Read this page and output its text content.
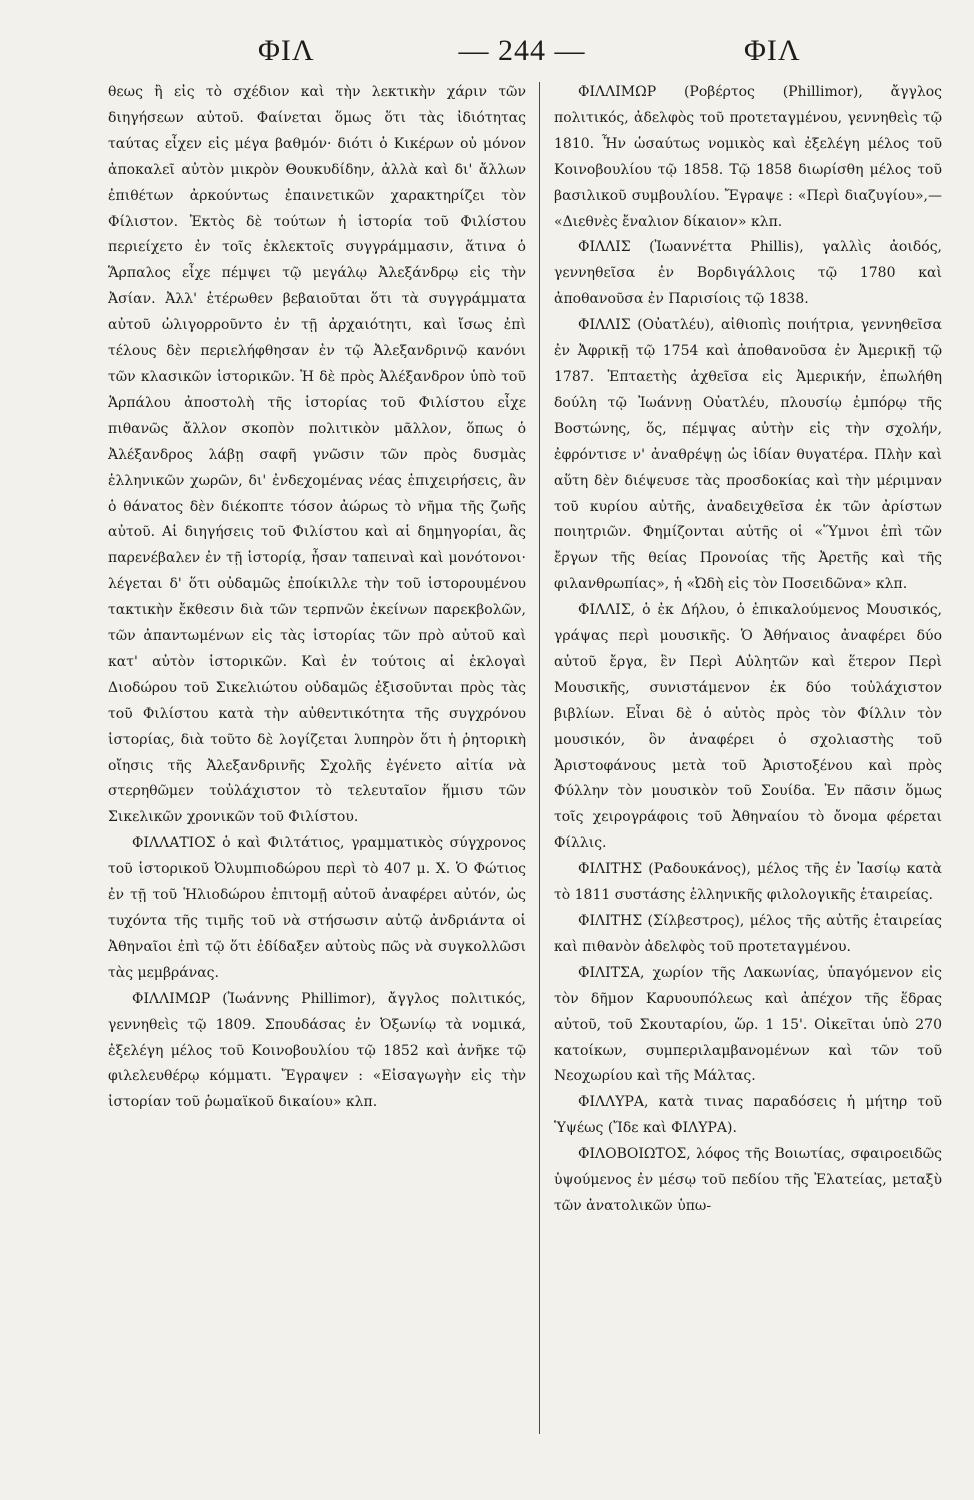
ΦΙΛ	— 244 —	ΦΙΛ

θεως ἢ εἰς τὸ σχέδιον καὶ τὴν λεκτικὴν χάριν τῶν διηγήσεων αὐτοῦ. Φαίνεται ὅμως ὅτι τὰς ἰδιότητας ταύτας εἶχεν εἰς μέγα βαθμόν· διότι ὁ Κικέρων οὐ μόνον ἀποκαλεῖ αὐτὸν μικρὸν Θουκυδίδην, ἀλλὰ καὶ δι' ἄλλων ἐπιθέτων ἀρκούντως ἐπαινετικῶν χαρακτηρίζει τὸν Φίλιστον. Ἐκτὸς δὲ τούτων ἡ ἱστορία τοῦ Φιλίστου περιείχετο ἐν τοῖς ἐκλεκτοῖς συγγράμμασιν, ἅτινα ὁ Ἅρπαλος εἶχε πέμψει τῷ μεγάλῳ Ἀλεξάνδρῳ εἰς τὴν Ἀσίαν. Ἀλλ' ἑτέρωθεν βεβαιοῦται ὅτι τὰ συγγράμματα αὐτοῦ ὠλιγορροῦντο ἐν τῇ ἀρχαιότητι, καὶ ἴσως ἐπὶ τέλους δὲν περιελήφθησαν ἐν τῷ Ἀλεξανδρινῷ κανόνι τῶν κλασικῶν ἱστορικῶν. Ἡ δὲ πρὸς Ἀλέξανδρον ὑπὸ τοῦ Ἁρπάλου ἀποστολὴ τῆς ἱστορίας τοῦ Φιλίστου εἶχε πιθανῶς ἄλλον σκοπὸν πολιτικὸν μᾶλλον, ὅπως ὁ Ἀλέξανδρος λάβῃ σαφῆ γνῶσιν τῶν πρὸς δυσμὰς ἑλληνικῶν χωρῶν, δι' ἐνδεχομένας νέας ἐπιχειρήσεις, ἂν ὁ θάνατος δὲν διέκοπτε τόσον ἀώρως τὸ νῆμα τῆς ζωῆς αὐτοῦ. Αἱ διηγήσεις τοῦ Φιλίστου καὶ αἱ δημηγορίαι, ἃς παρενέβαλεν ἐν τῇ ἱστορίᾳ, ἦσαν ταπειναὶ καὶ μονότονοι· λέγεται δ' ὅτι οὐδαμῶς ἐποίκιλλε τὴν τοῦ ἱστορουμένου τακτικὴν ἔκθεσιν διὰ τῶν τερπνῶν ἐκείνων παρεκβολῶν, τῶν ἀπαντωμένων εἰς τὰς ἱστορίας τῶν πρὸ αὐτοῦ καὶ κατ' αὐτὸν ἱστορικῶν. Καὶ ἐν τούτοις αἱ ἐκλογαὶ Διοδώρου τοῦ Σικελιώτου οὐδαμῶς ἐξισοῦνται πρὸς τὰς τοῦ Φιλίστου κατὰ τὴν αὐθεντικότητα τῆς συγχρόνου ἱστορίας, διὰ τοῦτο δὲ λογίζεται λυπηρὸν ὅτι ἡ ῥητορικὴ οἴησις τῆς Ἀλεξανδρινῆς Σχολῆς ἐγένετο αἰτία νὰ στερηθῶμεν τοὐλάχιστον τὸ τελευταῖον ἥμισυ τῶν Σικελικῶν χρονικῶν τοῦ Φιλίστου.

ΦΙΛΛΑΤΙΟΣ ὁ καὶ Φιλτάτιος, γραμματικὸς σύγχρονος τοῦ ἱστορικοῦ Ὀλυμπιοδώρου περὶ τὸ 407 μ. Χ. Ὁ Φώτιος ἐν τῇ τοῦ Ἡλιοδώρου ἐπιτομῇ αὐτοῦ ἀναφέρει αὐτόν, ὡς τυχόντα τῆς τιμῆς τοῦ νὰ στήσωσιν αὐτῷ ἀνδριάντα οἱ Ἀθηναῖοι ἐπὶ τῷ ὅτι ἐδίδαξεν αὐτοὺς πῶς νὰ συγκολλῶσι τὰς μεμβράνας.

ΦΙΛΛΙΜΩΡ (Ἰωάννης Phillimor), ἄγγλος πολιτικός, γεννηθεὶς τῷ 1809. Σπουδάσας ἐν Ὀξωνίῳ τὰ νομικά, ἐξελέγη μέλος τοῦ Κοινοβουλίου τῷ 1852 καὶ ἀνῆκε τῷ φιλελευθέρῳ κόμματι. Ἔγραψεν : «Εἰσαγωγὴν εἰς τὴν ἱστορίαν τοῦ ῥωμαϊκοῦ δικαίου» κλπ.

ΦΙΛΛΙΜΩΡ (Ροβέρτος (Phillimor), ἄγγλος πολιτικός, ἀδελφὸς τοῦ προτεταγμένου, γεννηθεὶς τῷ 1810. Ἦν ὡσαύτως νομικὸς καὶ ἐξελέγη μέλος τοῦ Κοινοβουλίου τῷ 1858. Τῷ 1858 διωρίσθη μέλος τοῦ βασιλικοῦ συμβουλίου. Ἔγραψε : «Περὶ διαζυγίου»,— «Διεθνὲς ἔναλιον δίκαιον» κλπ.

ΦΙΛΛΙΣ (Ἰωαννέττα Phillis), γαλλὶς ἀοιδός, γεννηθεῖσα ἐν Βορδιγάλλοις τῷ 1780 καὶ ἀποθανοῦσα ἐν Παρισίοις τῷ 1838.

ΦΙΛΛΙΣ (Οὐατλέυ), αἰθιοπὶς ποιήτρια, γεννηθεῖσα ἐν Ἀφρικῇ τῷ 1754 καὶ ἀποθανοῦσα ἐν Ἀμερικῇ τῷ 1787. Ἑπταετὴς ἀχθεῖσα εἰς Ἀμερικήν, ἐπωλήθη δούλη τῷ Ἰωάννῃ Οὐατλέυ, πλουσίῳ ἐμπόρῳ τῆς Βοστώνης, ὅς, πέμψας αὐτὴν εἰς τὴν σχολήν, ἐφρόντισε ν' ἀναθρέψῃ ὡς ἰδίαν θυγατέρα. Πλὴν καὶ αὕτη δὲν διέψευσε τὰς προσδοκίας καὶ τὴν μέριμναν τοῦ κυρίου αὐτῆς, ἀναδειχθεῖσα ἐκ τῶν ἀρίστων ποιητριῶν. Φημίζονται αὐτῆς οἱ «Ὕμνοι ἐπὶ τῶν ἔργων τῆς θείας Προνοίας τῆς Ἀρετῆς καὶ τῆς φιλανθρωπίας», ἡ «Ὠδὴ εἰς τὸν Ποσειδῶνα» κλπ.

ΦΙΛΛΙΣ, ὁ ἐκ Δήλου, ὁ ἐπικαλούμενος Μουσικός, γράψας περὶ μουσικῆς. Ὁ Ἀθήναιος ἀναφέρει δύο αὐτοῦ ἔργα, ἓν Περὶ Αὐλητῶν καὶ ἕτερον Περὶ Μουσικῆς, συνιστάμενον ἐκ δύο τοὐλάχιστον βιβλίων. Εἶναι δὲ ὁ αὐτὸς πρὸς τὸν Φίλλιν τὸν μουσικόν, ὃν ἀναφέρει ὁ σχολιαστὴς τοῦ Ἀριστοφάνους μετὰ τοῦ Ἀριστοξένου καὶ πρὸς Φύλλην τὸν μουσικὸν τοῦ Σουίδα. Ἐν πᾶσιν ὅμως τοῖς χειρογράφοις τοῦ Ἀθηναίου τὸ ὄνομα φέρεται Φίλλις.

ΦΙΛΙΤΗΣ (Ραδουκάνος), μέλος τῆς ἐν Ἰασίῳ κατὰ τὸ 1811 συστάσης ἑλληνικῆς φιλολογικῆς ἑταιρείας.

ΦΙΛΙΤΗΣ (Σίλβεστρος), μέλος τῆς αὐτῆς ἑταιρείας καὶ πιθανὸν ἀδελφὸς τοῦ προτεταγμένου.

ΦΙΛΙΤΣΑ, χωρίον τῆς Λακωνίας, ὑπαγόμενον εἰς τὸν δῆμον Καρυουπόλεως καὶ ἀπέχον τῆς ἕδρας αὐτοῦ, τοῦ Σκουταρίου, ὥρ. 1 15'. Οἰκεῖται ὑπὸ 270 κατοίκων, συμπεριλαμβανομένων καὶ τῶν τοῦ Νεοχωρίου καὶ τῆς Μάλτας.

ΦΙΛΛΥΡΑ, κατὰ τινας παραδόσεις ἡ μήτηρ τοῦ Ὑψέως (Ἴδε καὶ ΦΙΛΥΡΑ).

ΦΙΛΟΒΟΙΩΤΟΣ, λόφος τῆς Βοιωτίας, σφαιροειδῶς ὑψούμενος ἐν μέσῳ τοῦ πεδίου τῆς Ἐλατείας, μεταξὺ τῶν ἀνατολικῶν ὑπω-
